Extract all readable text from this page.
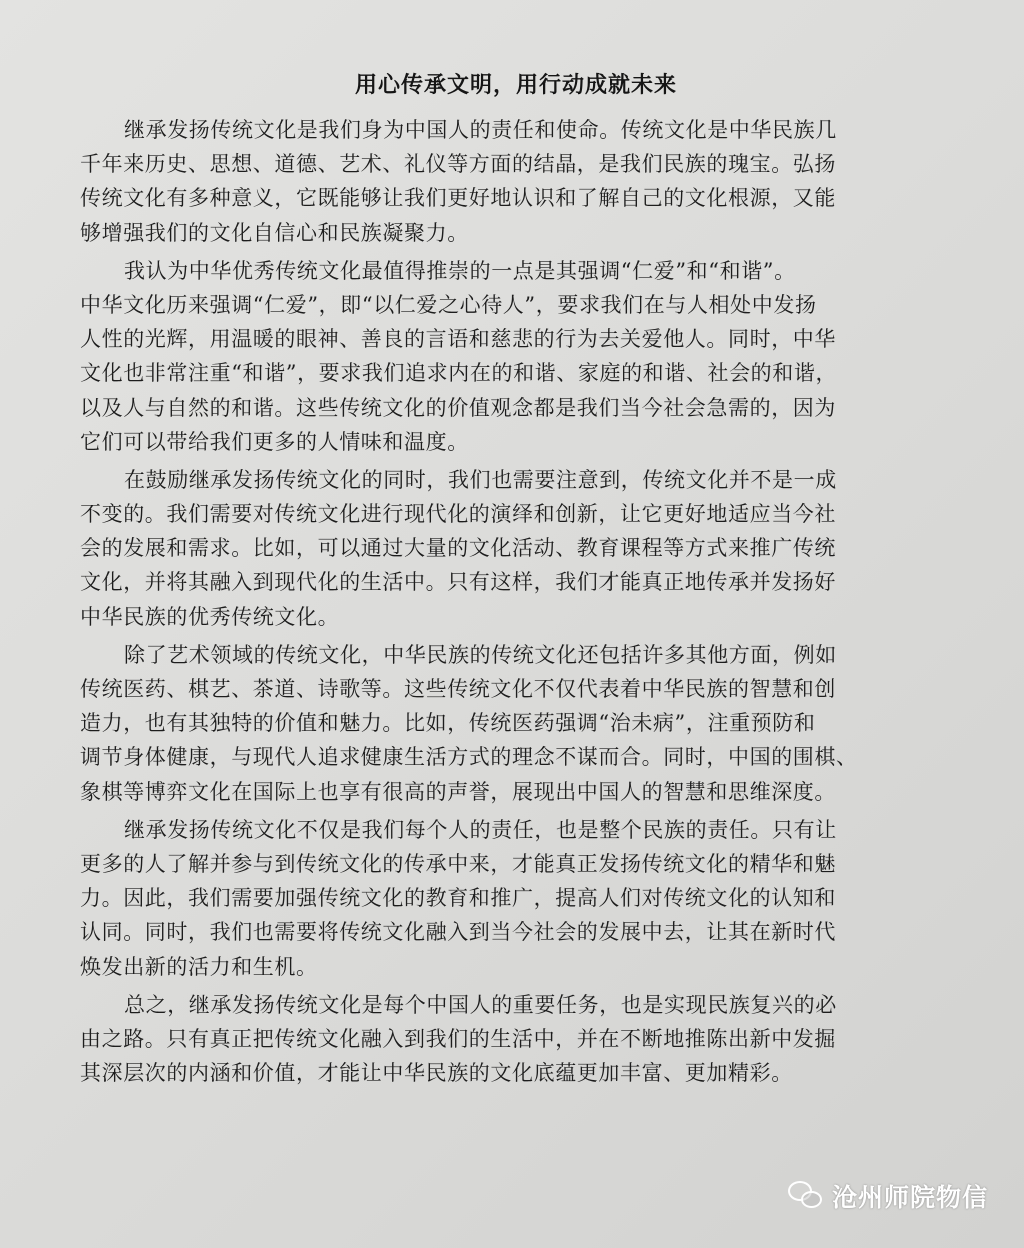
用心传承文明，用行动成就未来
继承发扬传统文化是我们身为中国人的责任和使命。传统文化是中华民族几
千年来历史、思想、道德、艺术、礼仪等方面的结晶，是我们民族的瑰宝。弘扬
传统文化有多种意义，它既能够让我们更好地认识和了解自己的文化根源，又能
够增强我们的文化自信心和民族凝聚力。
我认为中华优秀传统文化最值得推崇的一点是其强调“仁爱”和“和谐”。
中华文化历来强调“仁爱”，即“以仁爱之心待人”，要求我们在与人相处中发扬
人性的光辉，用温暖的眼神、善良的言语和慈悲的行为去关爱他人。同时，中华
文化也非常注重“和谐”，要求我们追求内在的和谐、家庭的和谐、社会的和谐，
以及人与自然的和谐。这些传统文化的价值观念都是我们当今社会急需的，因为
它们可以带给我们更多的人情味和温度。
在鼓励继承发扬传统文化的同时，我们也需要注意到，传统文化并不是一成
不变的。我们需要对传统文化进行现代化的演绎和创新，让它更好地适应当今社
会的发展和需求。比如，可以通过大量的文化活动、教育课程等方式来推广传统
文化，并将其融入到现代化的生活中。只有这样，我们才能真正地传承并发扬好
中华民族的优秀传统文化。
除了艺术领域的传统文化，中华民族的传统文化还包括许多其他方面，例如
传统医药、棋艺、茶道、诗歌等。这些传统文化不仅代表着中华民族的智慧和创
造力，也有其独特的价值和魅力。比如，传统医药强调“治未病”，注重预防和
调节身体健康，与现代人追求健康生活方式的理念不谋而合。同时，中国的围棋、
象棋等博弈文化在国际上也享有很高的声誉，展现出中国人的智慧和思维深度。
继承发扬传统文化不仅是我们每个人的责任，也是整个民族的责任。只有让
更多的人了解并参与到传统文化的传承中来，才能真正发扬传统文化的精华和魅
力。因此，我们需要加强传统文化的教育和推广，提高人们对传统文化的认知和
认同。同时，我们也需要将传统文化融入到当今社会的发展中去，让其在新时代
焕发出新的活力和生机。
总之，继承发扬传统文化是每个中国人的重要任务，也是实现民族复兴的必
由之路。只有真正把传统文化融入到我们的生活中，并在不断地推陈出新中发掘
其深层次的内涵和价值，才能让中华民族的文化底蕴更加丰富、更加精彩。
沧州师院物信
